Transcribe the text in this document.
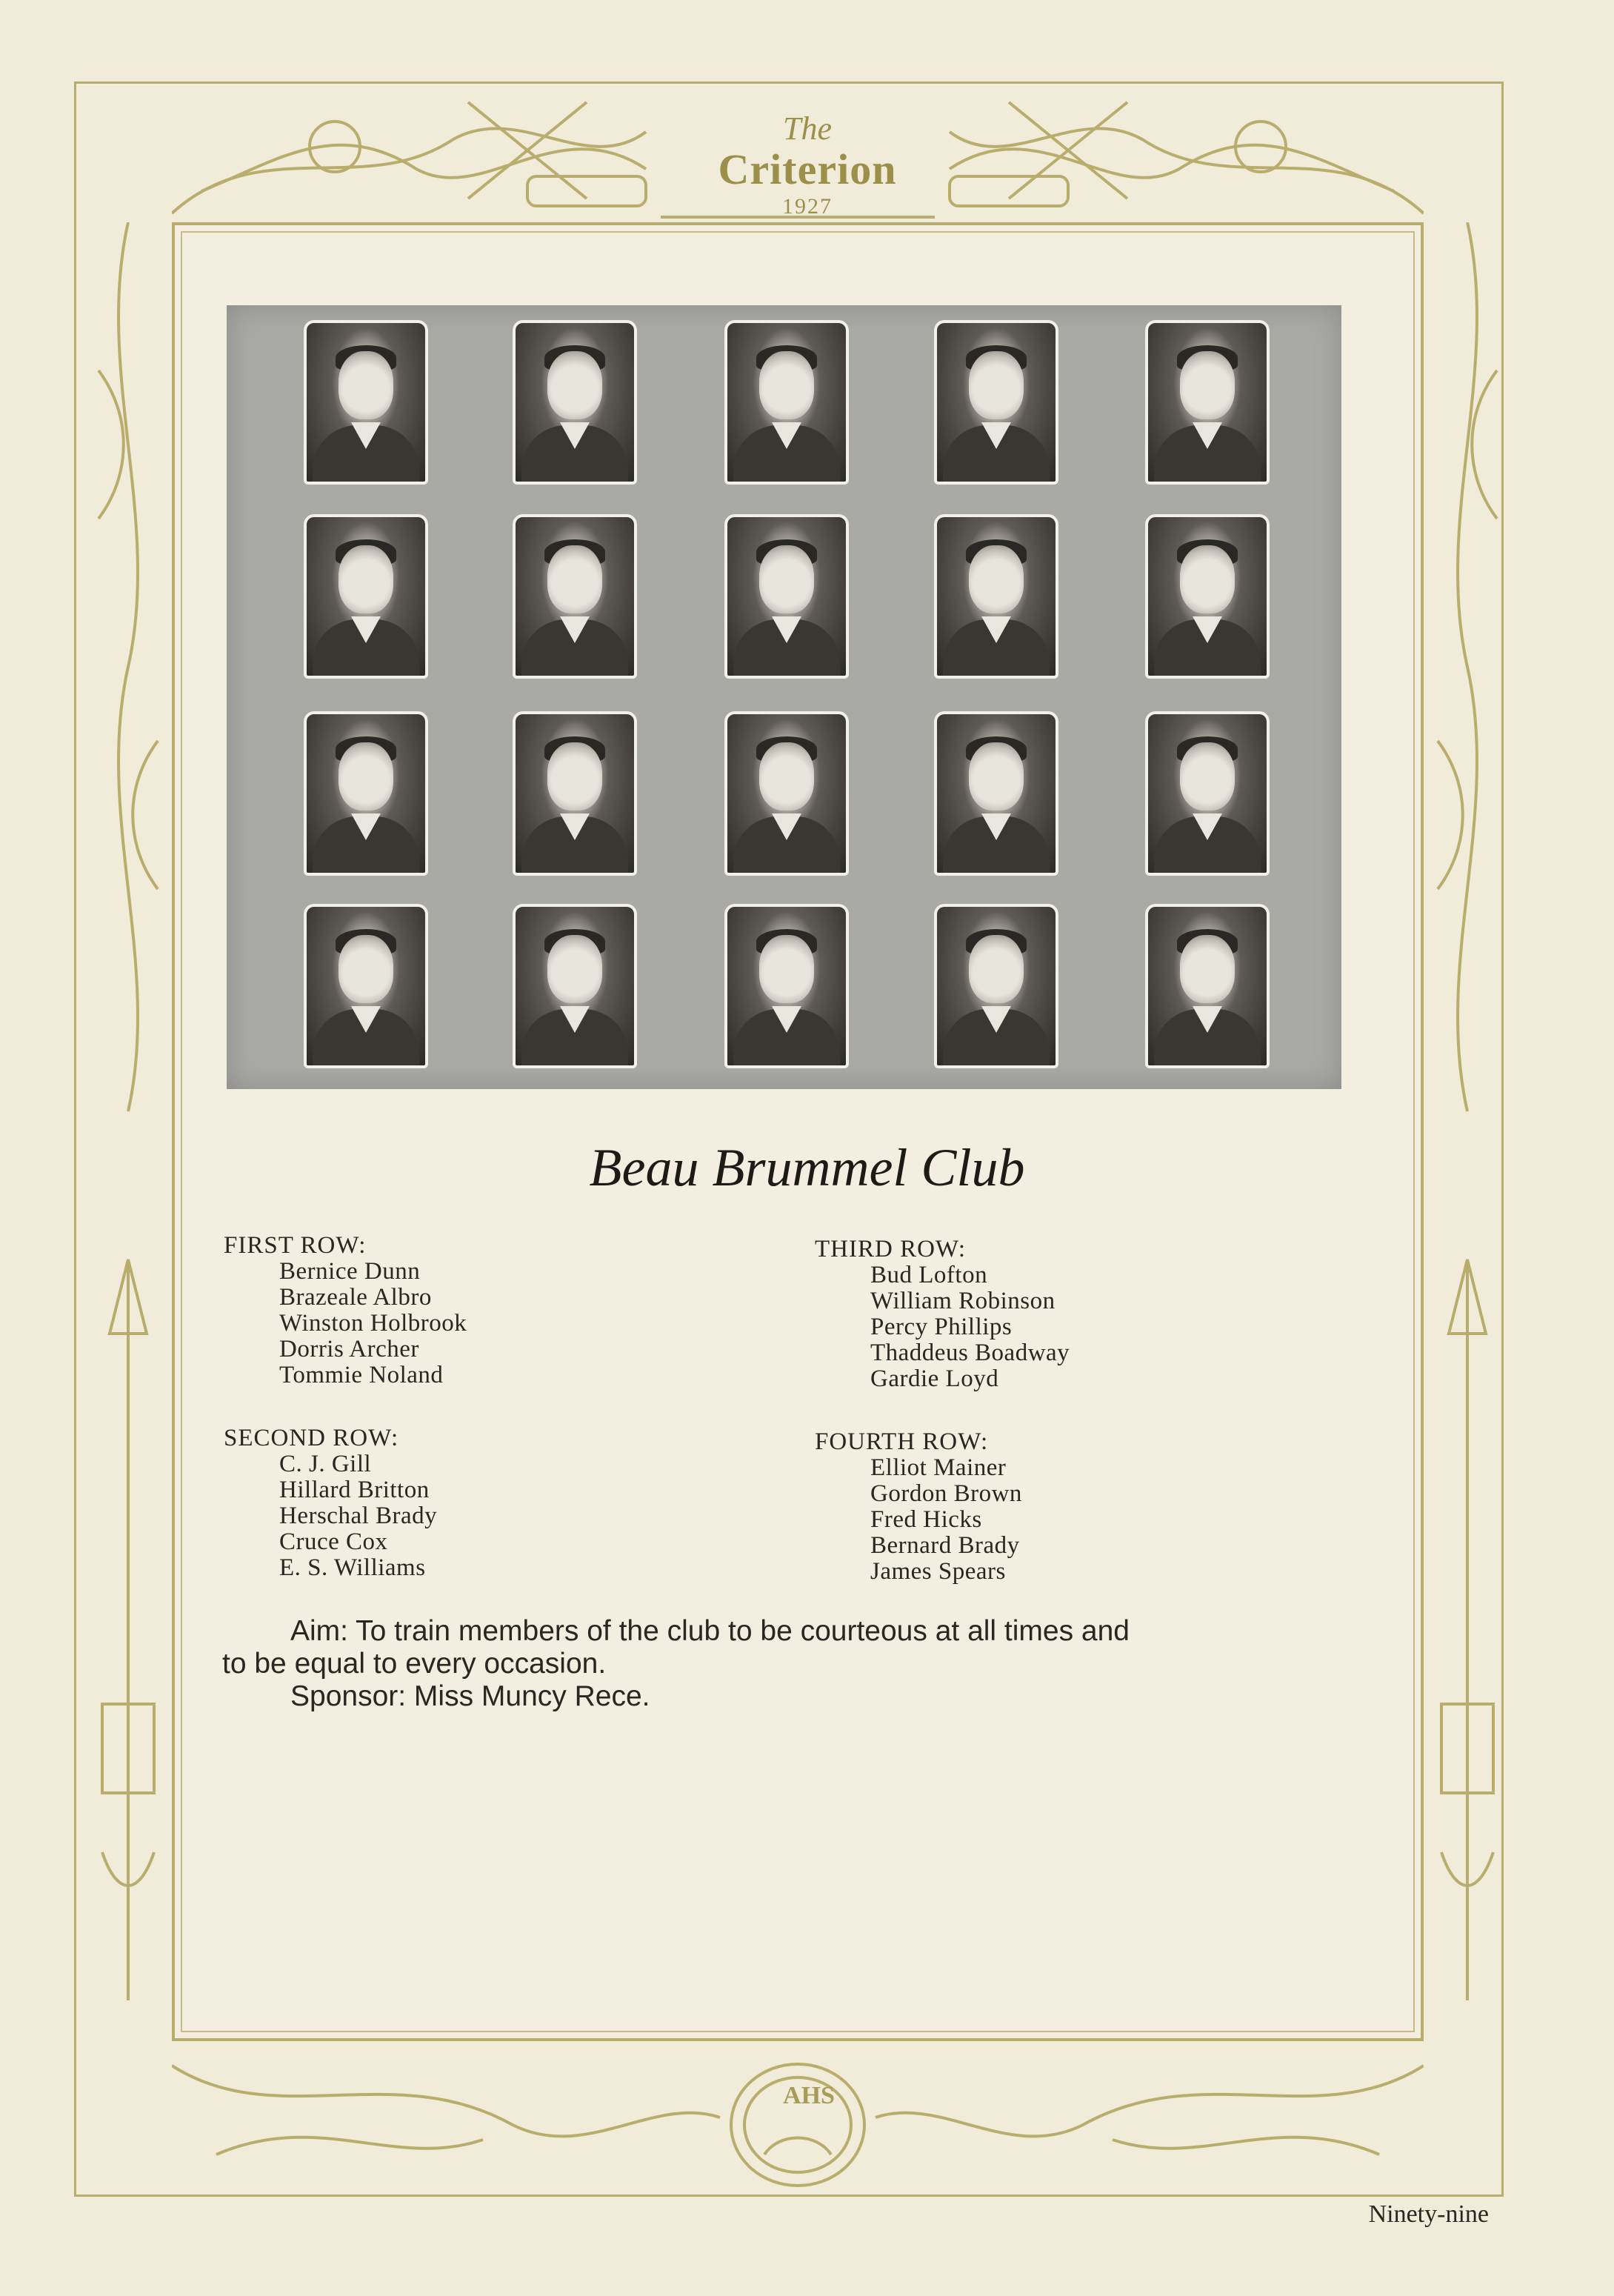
AHS
The
Criterion
1927
Beau Brummel Club
FIRST ROW:
Bernice Dunn
Brazeale Albro
Winston Holbrook
Dorris Archer
Tommie Noland
SECOND ROW:
C. J. Gill
Hillard Britton
Herschal Brady
Cruce Cox
E. S. Williams
THIRD ROW:
Bud Lofton
William Robinson
Percy Phillips
Thaddeus Boadway
Gardie Loyd
FOURTH ROW:
Elliot Mainer
Gordon Brown
Fred Hicks
Bernard Brady
James Spears

Aim: To train members of the club to be courteous at all times and

to be equal to every occasion.

Sponsor: Miss Muncy Rece.

Ninety-nine
